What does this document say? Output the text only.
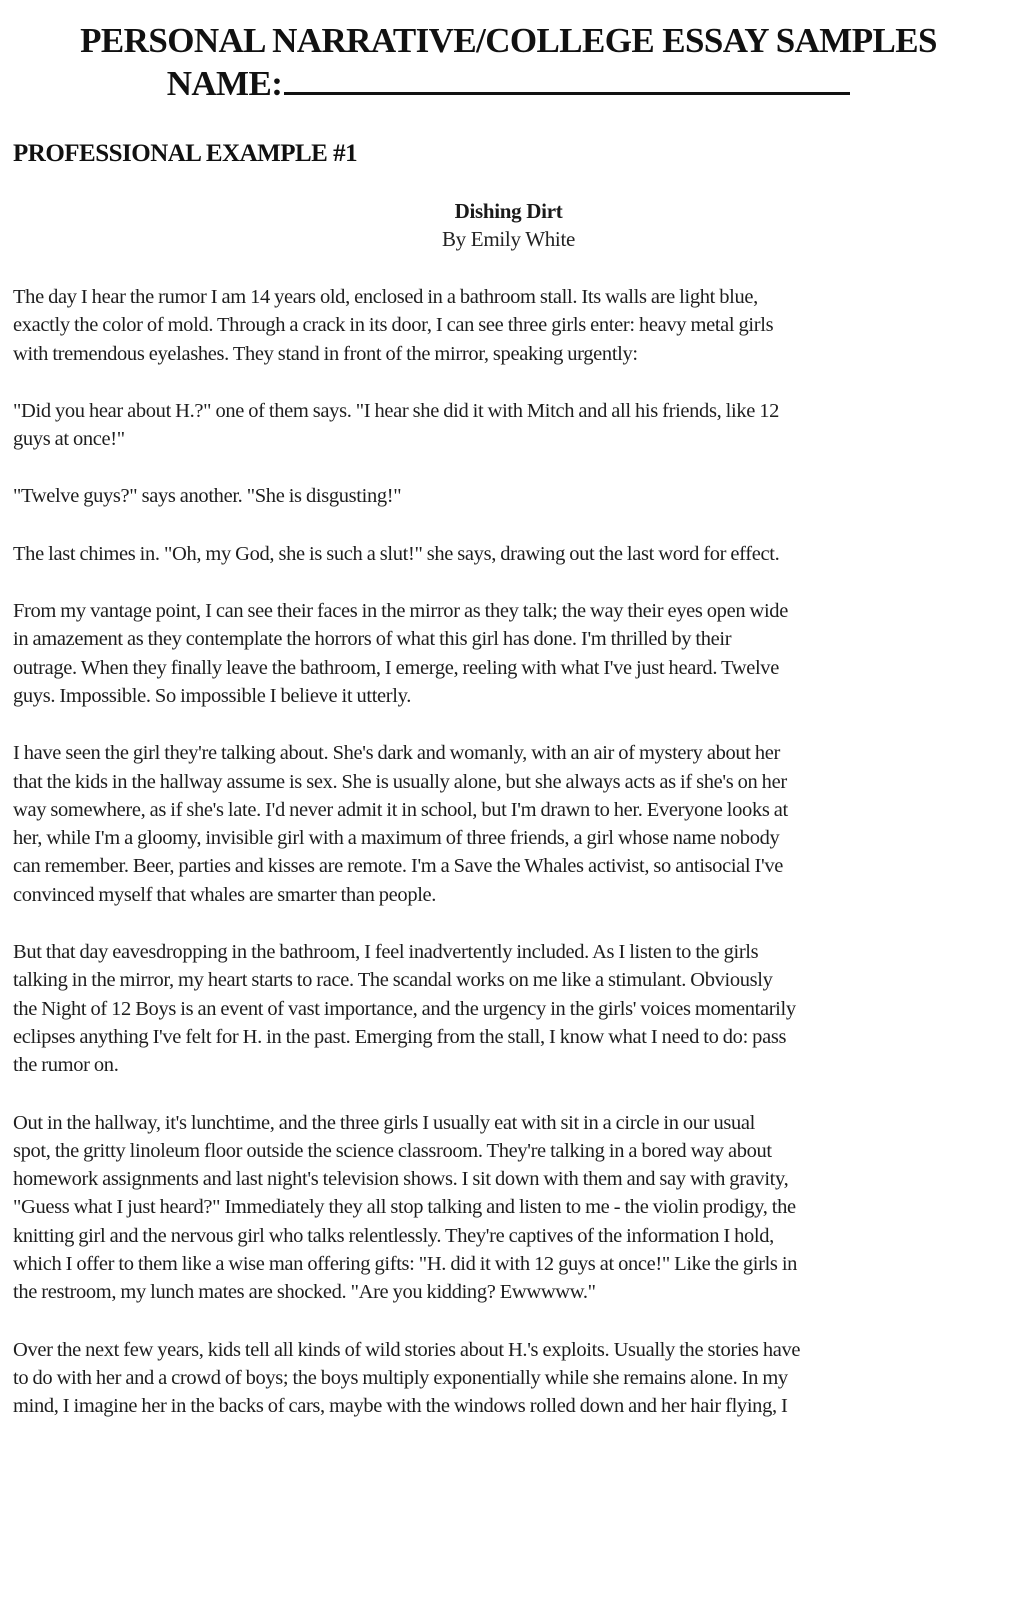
PERSONAL NARRATIVE/COLLEGE ESSAY SAMPLES
NAME:
PROFESSIONAL EXAMPLE #1
Dishing Dirt
By Emily White
The day I hear the rumor I am 14 years old, enclosed in a bathroom stall. Its walls are light blue,
exactly the color of mold. Through a crack in its door, I can see three girls enter: heavy metal girls
with tremendous eyelashes. They stand in front of the mirror, speaking urgently:
"Did you hear about H.?" one of them says. "I hear she did it with Mitch and all his friends, like 12
guys at once!"
"Twelve guys?" says another. "She is disgusting!"
The last chimes in. "Oh, my God, she is such a slut!" she says, drawing out the last word for effect.
From my vantage point, I can see their faces in the mirror as they talk; the way their eyes open wide
in amazement as they contemplate the horrors of what this girl has done. I'm thrilled by their
outrage. When they finally leave the bathroom, I emerge, reeling with what I've just heard. Twelve
guys. Impossible. So impossible I believe it utterly.
I have seen the girl they're talking about. She's dark and womanly, with an air of mystery about her
that the kids in the hallway assume is sex. She is usually alone, but she always acts as if she's on her
way somewhere, as if she's late. I'd never admit it in school, but I'm drawn to her. Everyone looks at
her, while I'm a gloomy, invisible girl with a maximum of three friends, a girl whose name nobody
can remember. Beer, parties and kisses are remote. I'm a Save the Whales activist, so antisocial I've
convinced myself that whales are smarter than people.
But that day eavesdropping in the bathroom, I feel inadvertently included. As I listen to the girls
talking in the mirror, my heart starts to race. The scandal works on me like a stimulant. Obviously
the Night of 12 Boys is an event of vast importance, and the urgency in the girls' voices momentarily
eclipses anything I've felt for H. in the past. Emerging from the stall, I know what I need to do: pass
the rumor on.
Out in the hallway, it's lunchtime, and the three girls I usually eat with sit in a circle in our usual
spot, the gritty linoleum floor outside the science classroom. They're talking in a bored way about
homework assignments and last night's television shows. I sit down with them and say with gravity,
"Guess what I just heard?" Immediately they all stop talking and listen to me - the violin prodigy, the
knitting girl and the nervous girl who talks relentlessly. They're captives of the information I hold,
which I offer to them like a wise man offering gifts: "H. did it with 12 guys at once!" Like the girls in
the restroom, my lunch mates are shocked. "Are you kidding? Ewwwww."
Over the next few years, kids tell all kinds of wild stories about H.'s exploits. Usually the stories have
to do with her and a crowd of boys; the boys multiply exponentially while she remains alone. In my
mind, I imagine her in the backs of cars, maybe with the windows rolled down and her hair flying, I
